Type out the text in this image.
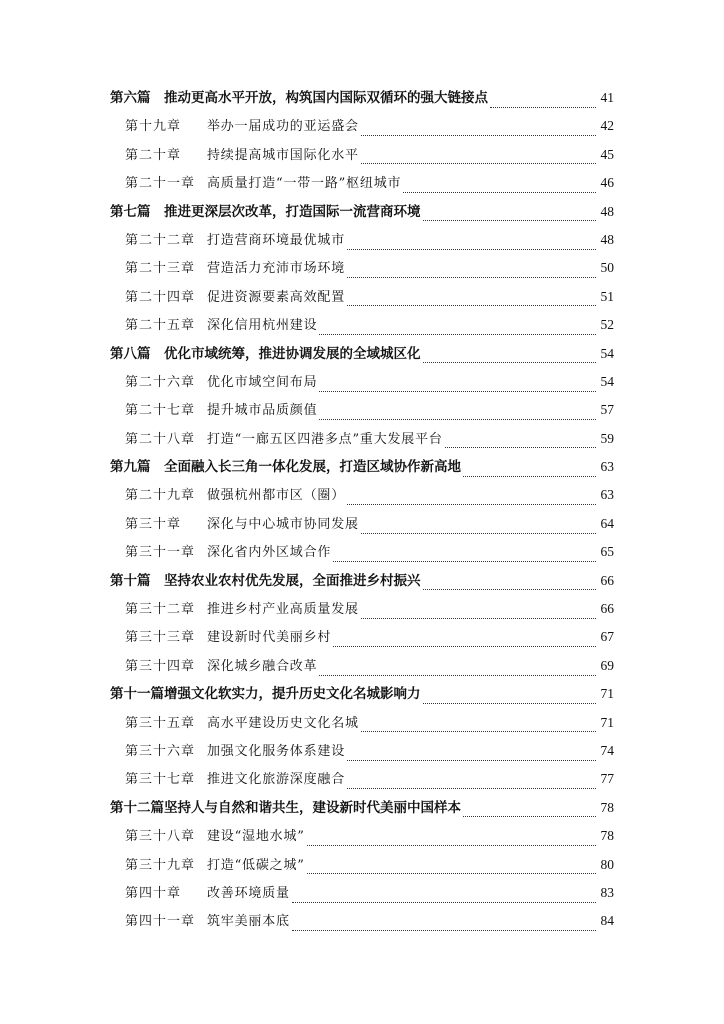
第六篇	推动更高水平开放，构筑国内国际双循环的强大链接点	41
第十九章	举办一届成功的亚运盛会	42
第二十章	持续提高城市国际化水平	45
第二十一章 高质量打造“一带一路”枢纽城市	46
第七篇	推进更深层次改革，打造国际一流营商环境	48
第二十二章 打造营商环境最优城市	48
第二十三章 营造活力充沛市场环境	50
第二十四章 促进资源要素高效配置	51
第二十五章 深化信用杭州建设	52
第八篇	优化市域统筹，推进协调发展的全域城区化	54
第二十六章 优化市域空间布局	54
第二十七章 提升城市品质颜值	57
第二十八章 打造“一廊五区四港多点”重大发展平台	59
第九篇	全面融入长三角一体化发展，打造区域协作新高地	63
第二十九章 做强杭州都市区（圈）	63
第三十章	深化与中心城市协同发展	64
第三十一章 深化省内外区域合作	65
第十篇	坚持农业农村优先发展，全面推进乡村振兴	66
第三十二章 推进乡村产业高质量发展	66
第三十三章 建设新时代美丽乡村	67
第三十四章 深化城乡融合改革	69
第十一篇 增强文化软实力，提升历史文化名城影响力	71
第三十五章 高水平建设历史文化名城	71
第三十六章 加强文化服务体系建设	74
第三十七章 推进文化旅游深度融合	77
第十二篇 坚持人与自然和谐共生，建设新时代美丽中国样本	78
第三十八章 建设“湿地水城”	78
第三十九章 打造“低碳之城”	80
第四十章	改善环境质量	83
第四十一章 筑牢美丽本底	84
